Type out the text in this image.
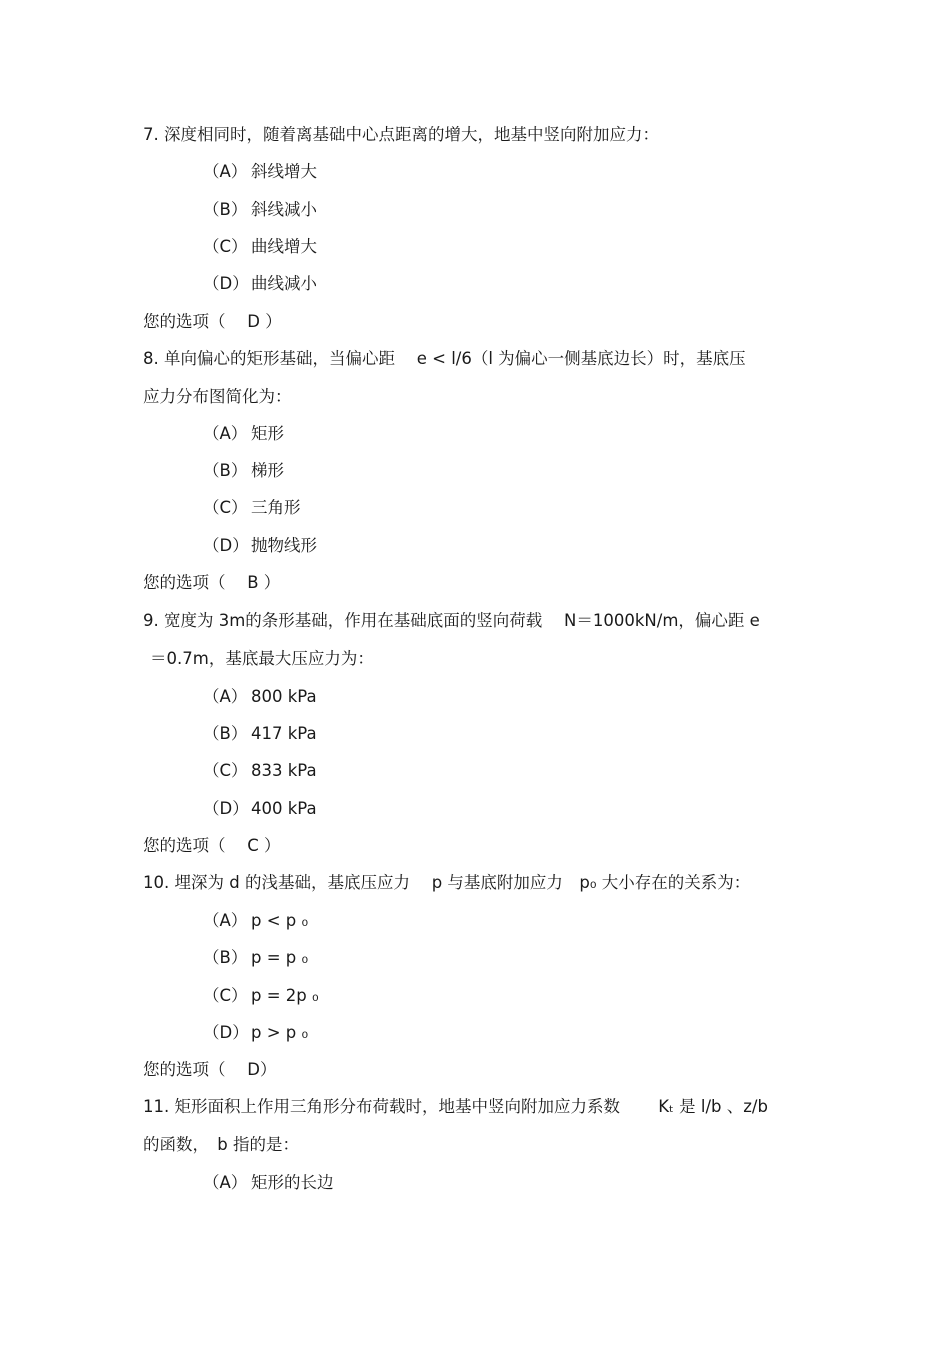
7. 深度相同时，随着离基础中心点距离的增大，地基中竖向附加应力：
（A） 斜线增大
（B） 斜线减小
（C） 曲线增大
（D） 曲线减小
您的选项（　 D ）
8. 单向偏心的矩形基础，当偏心距　 e < l/6（l 为偏心一侧基底边长）时，基底压
应力分布图简化为：
（A） 矩形
（B） 梯形
（C） 三角形
（D） 抛物线形
您的选项（　 B ）
9. 宽度为 3m的条形基础，作用在基础底面的竖向荷载　 N＝1000kN/m，偏心距 e
＝0.7m，基底最大压应力为：
（A） 800 kPa
（B） 417 kPa
（C） 833 kPa
（D） 400 kPa
您的选项（　 C ）
10. 埋深为 d 的浅基础，基底压应力　 p 与基底附加应力　p₀ 大小存在的关系为：
（A） p < p ₀
（B） p = p ₀
（C） p = 2p ₀
（D） p > p ₀
您的选项（　 D）
11. 矩形面积上作用三角形分布荷载时，地基中竖向附加应力系数　　 Kₜ 是 l/b 、z/b
的函数，　b 指的是：
（A） 矩形的长边
